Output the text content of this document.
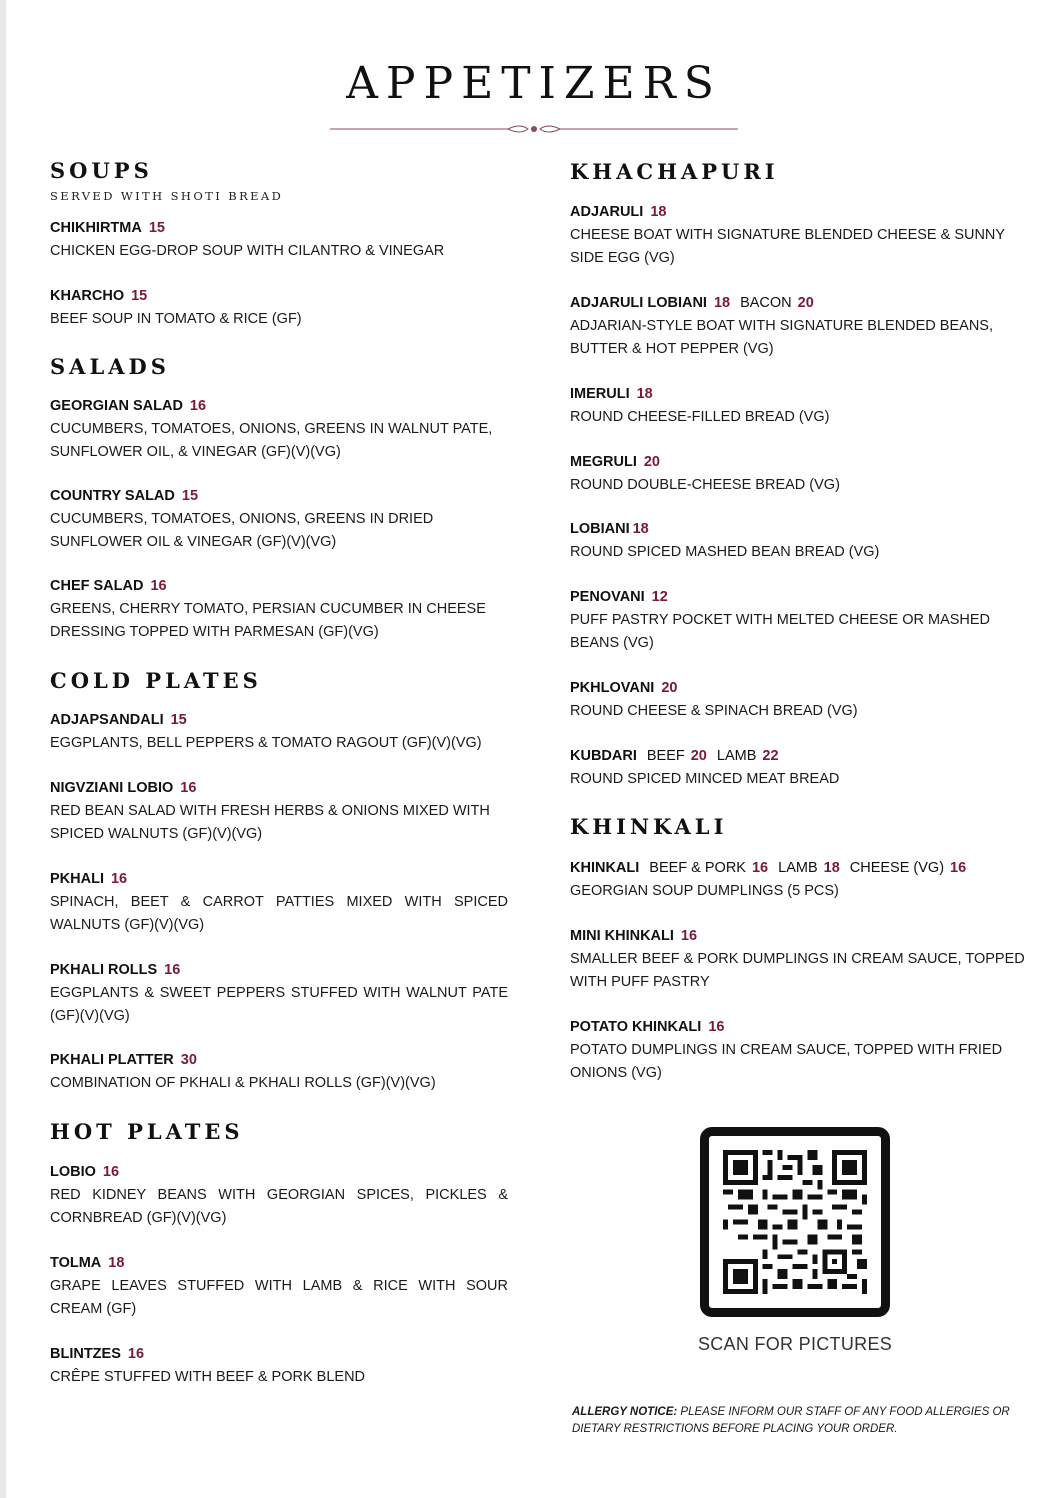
APPETIZERS
SOUPS
SERVED WITH SHOTI BREAD
CHIKHIRTMA 15
CHICKEN EGG-DROP SOUP WITH CILANTRO & VINEGAR
KHARCHO 15
BEEF SOUP IN TOMATO & RICE (GF)
SALADS
GEORGIAN SALAD 16
CUCUMBERS, TOMATOES, ONIONS, GREENS IN WALNUT PATE, SUNFLOWER OIL, & VINEGAR (GF)(V)(VG)
COUNTRY SALAD 15
CUCUMBERS, TOMATOES, ONIONS, GREENS IN DRIED SUNFLOWER OIL & VINEGAR (GF)(V)(VG)
CHEF SALAD 16
GREENS, CHERRY TOMATO, PERSIAN CUCUMBER IN CHEESE DRESSING TOPPED WITH PARMESAN (GF)(VG)
COLD PLATES
ADJAPSANDALI 15
EGGPLANTS, BELL PEPPERS & TOMATO RAGOUT (GF)(V)(VG)
NIGVZIANI LOBIO 16
RED BEAN SALAD WITH FRESH HERBS & ONIONS MIXED WITH SPICED WALNUTS (GF)(V)(VG)
PKHALI 16
SPINACH, BEET & CARROT PATTIES MIXED WITH SPICED WALNUTS (GF)(V)(VG)
PKHALI ROLLS 16
EGGPLANTS & SWEET PEPPERS STUFFED WITH WALNUT PATE (GF)(V)(VG)
PKHALI PLATTER 30
COMBINATION OF PKHALI & PKHALI ROLLS (GF)(V)(VG)
HOT PLATES
LOBIO 16
RED KIDNEY BEANS WITH GEORGIAN SPICES, PICKLES & CORNBREAD (GF)(V)(VG)
TOLMA 18
GRAPE LEAVES STUFFED WITH LAMB & RICE WITH SOUR CREAM (GF)
BLINTZES 16
CRÊPE STUFFED WITH BEEF & PORK BLEND
KHACHAPURI
ADJARULI 18
CHEESE BOAT WITH SIGNATURE BLENDED CHEESE & SUNNY SIDE EGG (VG)
ADJARULI LOBIANI 18 BACON 20
ADJARIAN-STYLE BOAT WITH SIGNATURE BLENDED BEANS, BUTTER & HOT PEPPER (VG)
IMERULI 18
ROUND CHEESE-FILLED BREAD (VG)
MEGRULI 20
ROUND DOUBLE-CHEESE BREAD (VG)
LOBIANI 18
ROUND SPICED MASHED BEAN BREAD (VG)
PENOVANI 12
PUFF PASTRY POCKET WITH MELTED CHEESE OR MASHED BEANS (VG)
PKHLOVANI 20
ROUND CHEESE & SPINACH BREAD (VG)
KUBDARI BEEF 20 LAMB 22
ROUND SPICED MINCED MEAT BREAD
KHINKALI
KHINKALI BEEF & PORK 16 LAMB 18 CHEESE (VG) 16
GEORGIAN SOUP DUMPLINGS (5 PCS)
MINI KHINKALI 16
SMALLER BEEF & PORK DUMPLINGS IN CREAM SAUCE, TOPPED WITH PUFF PASTRY
POTATO KHINKALI 16
POTATO DUMPLINGS IN CREAM SAUCE, TOPPED WITH FRIED ONIONS (VG)
SCAN FOR PICTURES
ALLERGY NOTICE: PLEASE INFORM OUR STAFF OF ANY FOOD ALLERGIES OR DIETARY RESTRICTIONS BEFORE PLACING YOUR ORDER.
